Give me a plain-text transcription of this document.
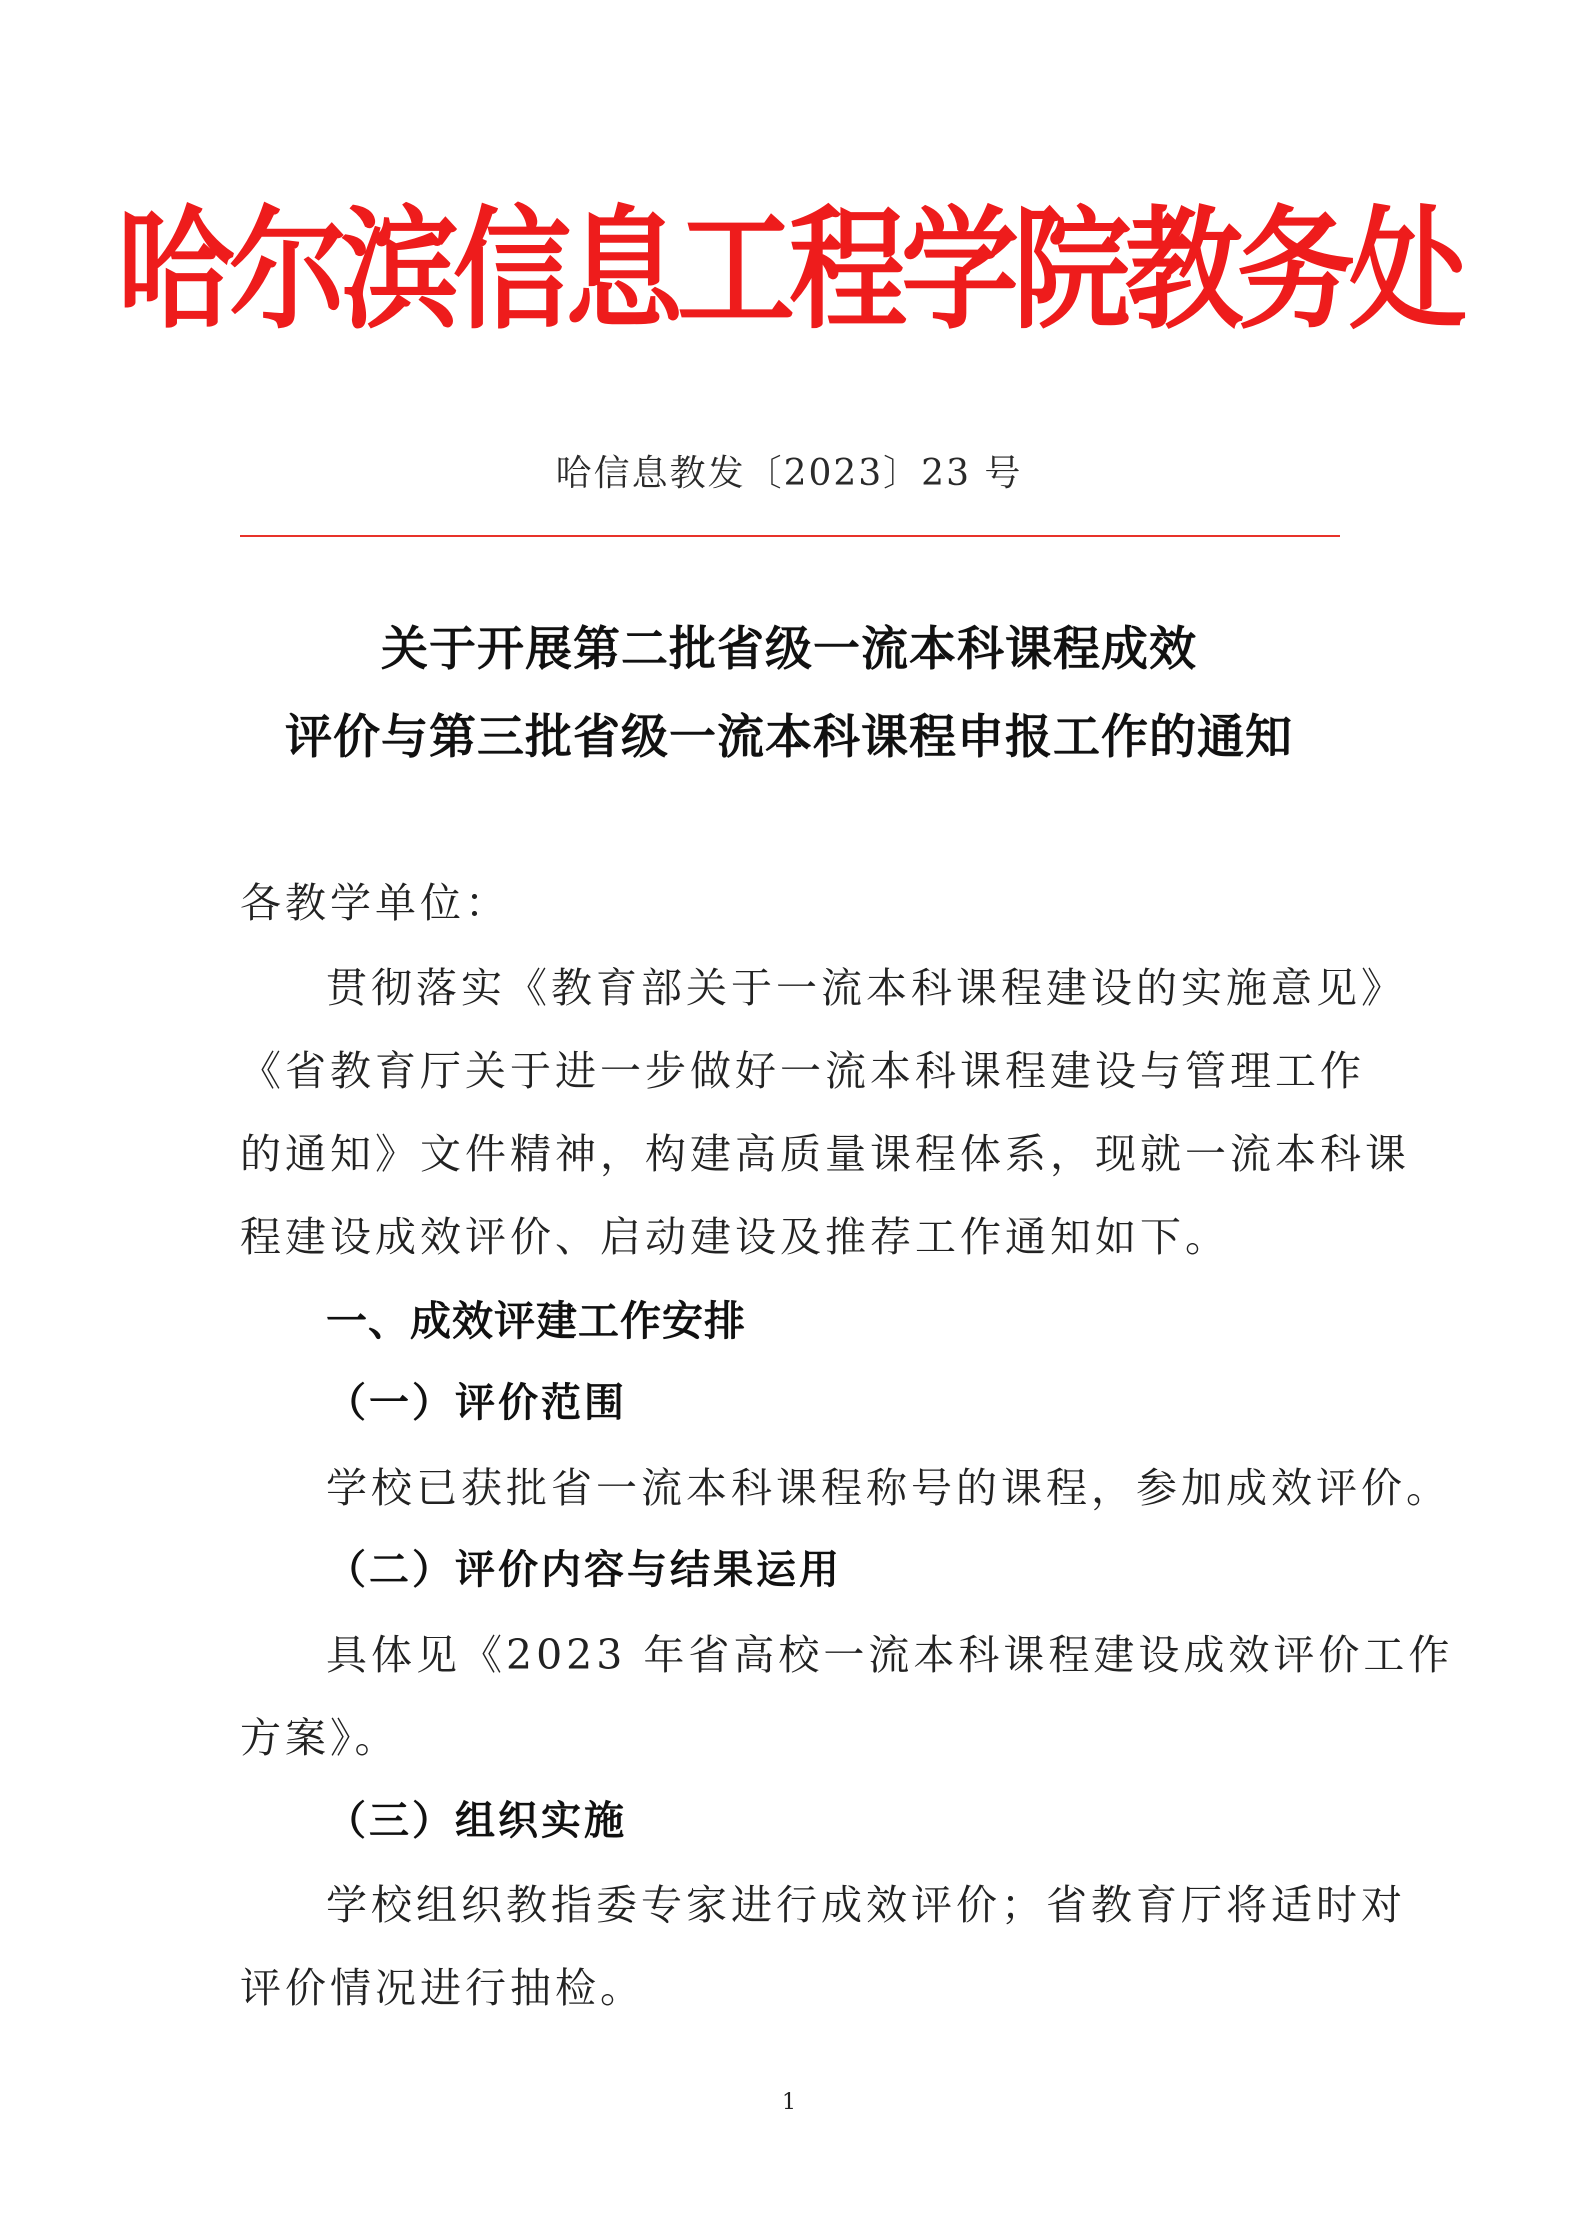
哈尔滨信息工程学院教务处
哈信息教发〔2023〕23 号
关于开展第二批省级一流本科课程成效
评价与第三批省级一流本科课程申报工作的通知
各教学单位：
贯彻落实《教育部关于一流本科课程建设的实施意见》
《省教育厅关于进一步做好一流本科课程建设与管理工作
的通知》文件精神，构建高质量课程体系，现就一流本科课
程建设成效评价、启动建设及推荐工作通知如下。
一、成效评建工作安排
（一）评价范围
学校已获批省一流本科课程称号的课程，参加成效评价。
（二）评价内容与结果运用
具体见《2023 年省高校一流本科课程建设成效评价工作
方案》。
（三）组织实施
学校组织教指委专家进行成效评价；省教育厅将适时对
评价情况进行抽检。
1
